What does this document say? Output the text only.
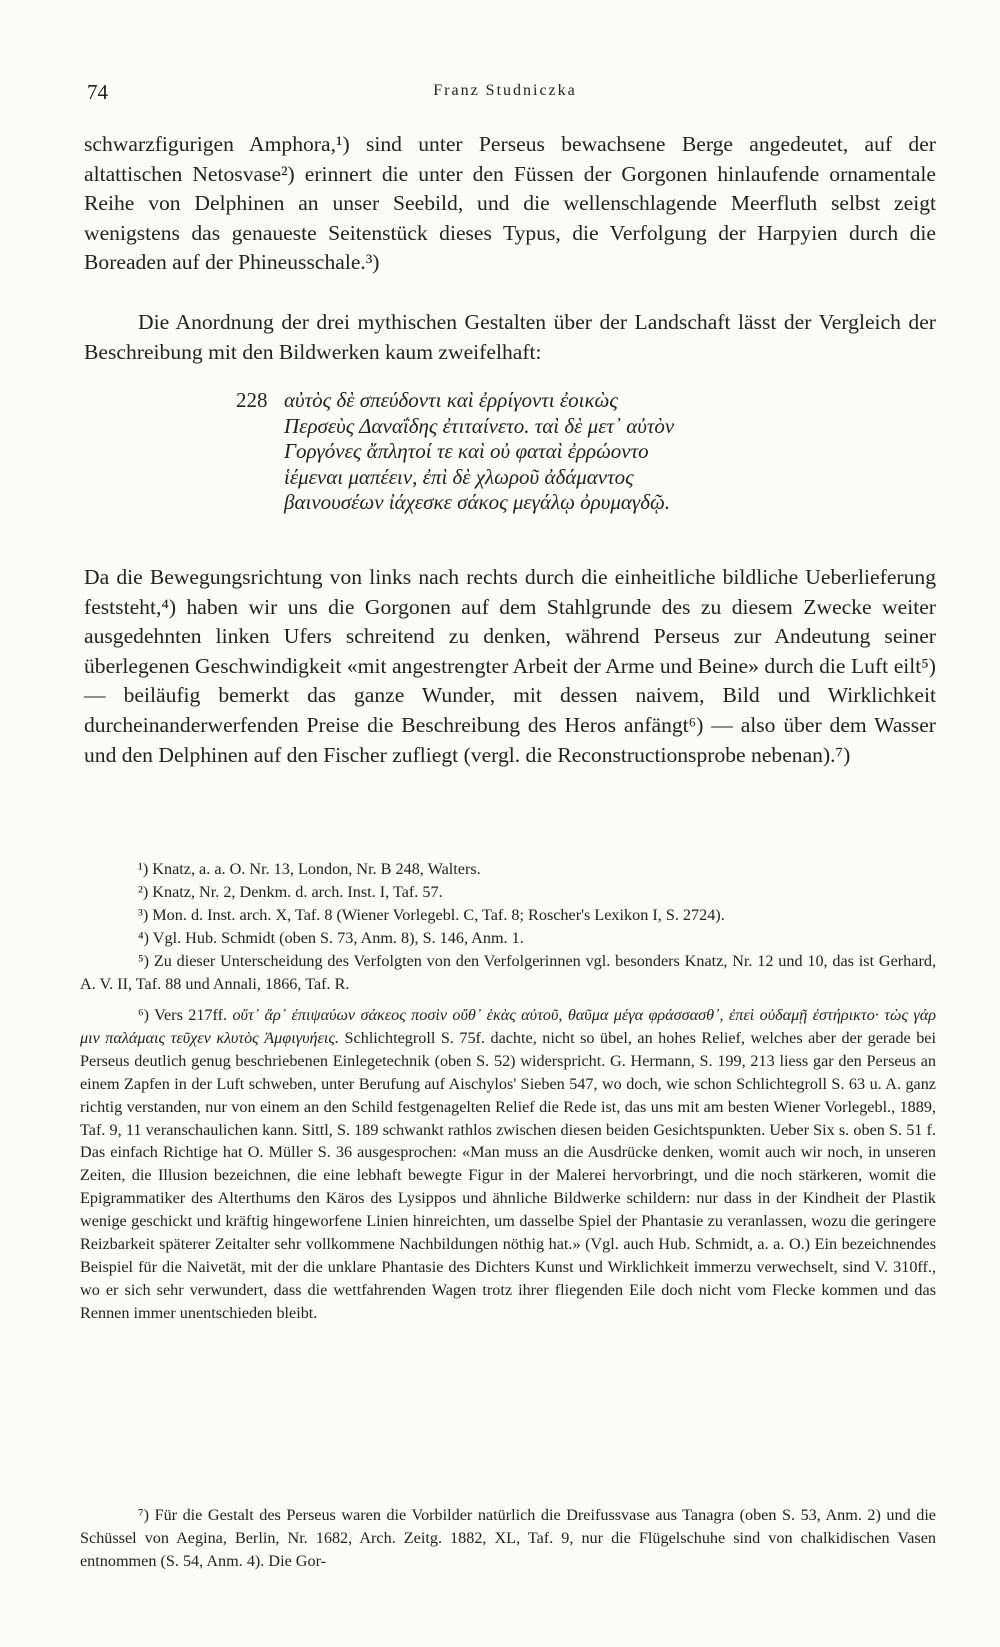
74	Franz Studniczka

schwarzfigurigen Amphora,¹) sind unter Perseus bewachsene Berge angedeutet, auf der altattischen Netosvase²) erinnert die unter den Füssen der Gorgonen hinlaufende ornamentale Reihe von Delphinen an unser Seebild, und die wellenschlagende Meerfluth selbst zeigt wenigstens das genaueste Seitenstück dieses Typus, die Verfolgung der Harpyien durch die Boreaden auf der Phineusschale.³)

Die Anordnung der drei mythischen Gestalten über der Landschaft lässt der Vergleich der Beschreibung mit den Bildwerken kaum zweifelhaft:

228 αὐτὸς δὲ σπεύδοντι καὶ ἐρρίγοντι ἐοικὼς
Περσεὺς Δαναΐδης ἐτιταίνετο. ταὶ δὲ μετ᾽ αὐτὸν
Γοργόνες ἄπλητοί τε καὶ οὐ φαταὶ ἐρρώοντο
ἱέμεναι μαπέειν, ἐπὶ δὲ χλωροῦ ἀδάμαντος
βαινουσέων ἰάχεσκε σάκος μεγάλῳ ὀρυμαγδῷ.

Da die Bewegungsrichtung von links nach rechts durch die einheitliche bildliche Ueberlieferung feststeht,⁴) haben wir uns die Gorgonen auf dem Stahlgrunde des zu diesem Zwecke weiter ausgedehnten linken Ufers schreitend zu denken, während Perseus zur Andeutung seiner überlegenen Geschwindigkeit «mit angestrengter Arbeit der Arme und Beine» durch die Luft eilt⁵) — beiläufig bemerkt das ganze Wunder, mit dessen naivem, Bild und Wirklichkeit durcheinanderwerfenden Preise die Beschreibung des Heros anfängt⁶) — also über dem Wasser und den Delphinen auf den Fischer zufliegt (vergl. die Reconstructionsprobe nebenan).⁷)

¹) Knatz, a. a. O. Nr. 13, London, Nr. B 248, Walters.

²) Knatz, Nr. 2, Denkm. d. arch. Inst. I, Taf. 57.

³) Mon. d. Inst. arch. X, Taf. 8 (Wiener Vorlegebl. C, Taf. 8; Roscher's Lexikon I, S. 2724).

⁴) Vgl. Hub. Schmidt (oben S. 73, Anm. 8), S. 146, Anm. 1.

⁵) Zu dieser Unterscheidung des Verfolgten von den Verfolgerinnen vgl. besonders Knatz, Nr. 12 und 10, das ist Gerhard, A. V. II, Taf. 88 und Annali, 1866, Taf. R.

⁶) Vers 217ff. οὔτ᾽ ἄρ᾽ ἐπιψαύων σάκεος ποσὶν οὔθ᾽ ἑκὰς αὐτοῦ, θαῦμα μέγα φράσσασθ᾽, ἐπεὶ οὐδαμῇ ἐστήρικτο· τὼς γάρ μιν παλάμαις τεῦχεν κλυτὸς Ἀμφιγυήεις. Schlichtegroll S. 75f. dachte, nicht so übel, an hohes Relief, welches aber der gerade bei Perseus deutlich genug beschriebenen Einlegetechnik (oben S. 52) widerspricht. G. Hermann, S. 199, 213 liess gar den Perseus an einem Zapfen in der Luft schweben, unter Berufung auf Aischylos' Sieben 547, wo doch, wie schon Schlichtegroll S. 63 u. A. ganz richtig verstanden, nur von einem an den Schild festgenagelten Relief die Rede ist, das uns mit am besten Wiener Vorlegebl., 1889, Taf. 9, 11 veranschaulichen kann. Sittl, S. 189 schwankt rathlos zwischen diesen beiden Gesichtspunkten. Ueber Six s. oben S. 51 f. Das einfach Richtige hat O. Müller S. 36 ausgesprochen: «Man muss an die Ausdrücke denken, womit auch wir noch, in unseren Zeiten, die Illusion bezeichnen, die eine lebhaft bewegte Figur in der Malerei hervorbringt, und die noch stärkeren, womit die Epigrammatiker des Alterthums den Käros des Lysippos und ähnliche Bildwerke schildern: nur dass in der Kindheit der Plastik wenige geschickt und kräftig hingeworfene Linien hinreichten, um dasselbe Spiel der Phantasie zu veranlassen, wozu die geringere Reizbarkeit späterer Zeitalter sehr vollkommene Nachbildungen nöthig hat.» (Vgl. auch Hub. Schmidt, a. a. O.) Ein bezeichnendes Beispiel für die Naivetät, mit der die unklare Phantasie des Dichters Kunst und Wirklichkeit immerzu verwechselt, sind V. 310ff., wo er sich sehr verwundert, dass die wettfahrenden Wagen trotz ihrer fliegenden Eile doch nicht vom Flecke kommen und das Rennen immer unentschieden bleibt.

⁷) Für die Gestalt des Perseus waren die Vorbilder natürlich die Dreifussvase aus Tanagra (oben S. 53, Anm. 2) und die Schüssel von Aegina, Berlin, Nr. 1682, Arch. Zeitg. 1882, XL, Taf. 9, nur die Flügelschuhe sind von chalkidischen Vasen entnommen (S. 54, Anm. 4). Die Gor-
